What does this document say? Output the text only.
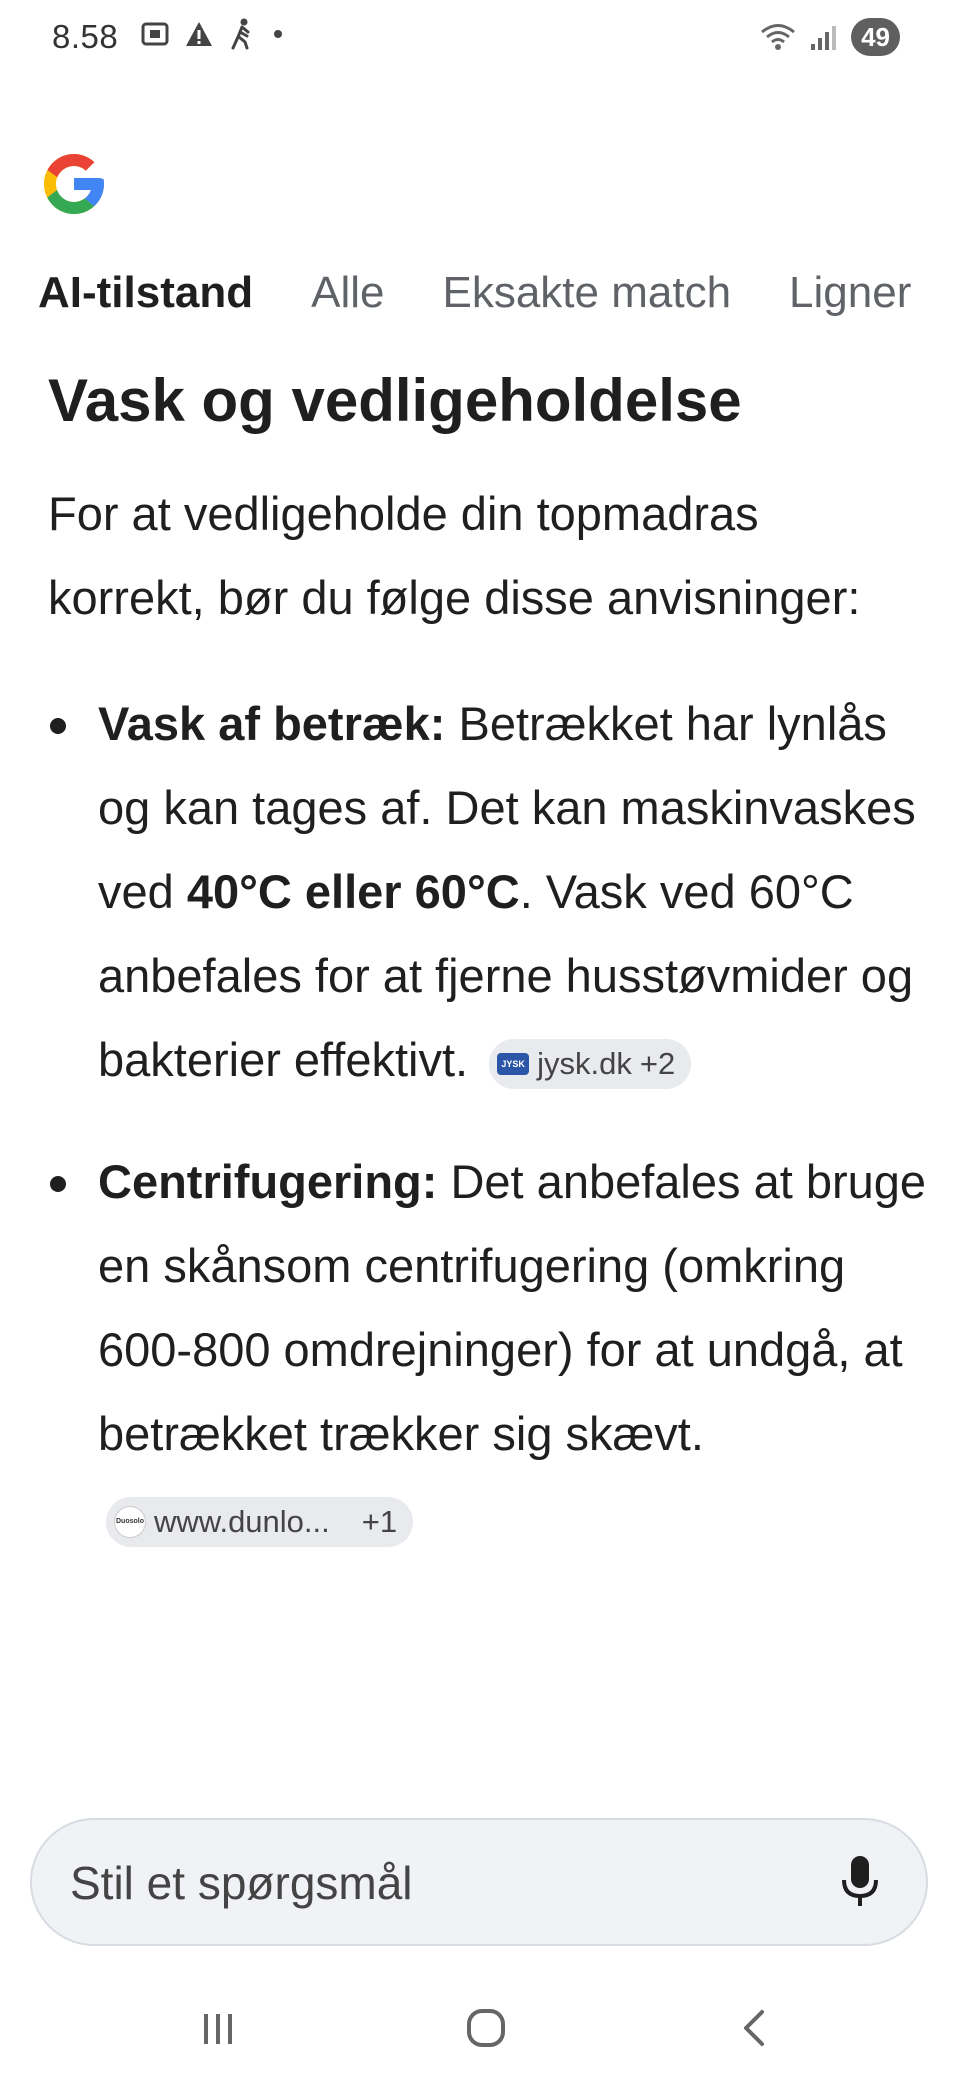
8.58	49
AI-tilstand Alle Eksakte match Ligner
Vask og vedligeholdelse
For at vedligeholde din topmadras korrekt, bør du følge disse anvisninger:
Vask af betræk: Betrækket har lynlås og kan tages af. Det kan maskinvaskes ved 40°C eller 60°C. Vask ved 60°C anbefales for at fjerne husstøvmider og bakterier effektivt.	JYSK jysk.dk +2
Centrifugering: Det anbefales at bruge en skånsom centrifugering (omkring 600-800 omdrejninger) for at undgå, at betrækket trækker sig skævt.
Duosolo www.dunlo... +1
Stil et spørgsmål
